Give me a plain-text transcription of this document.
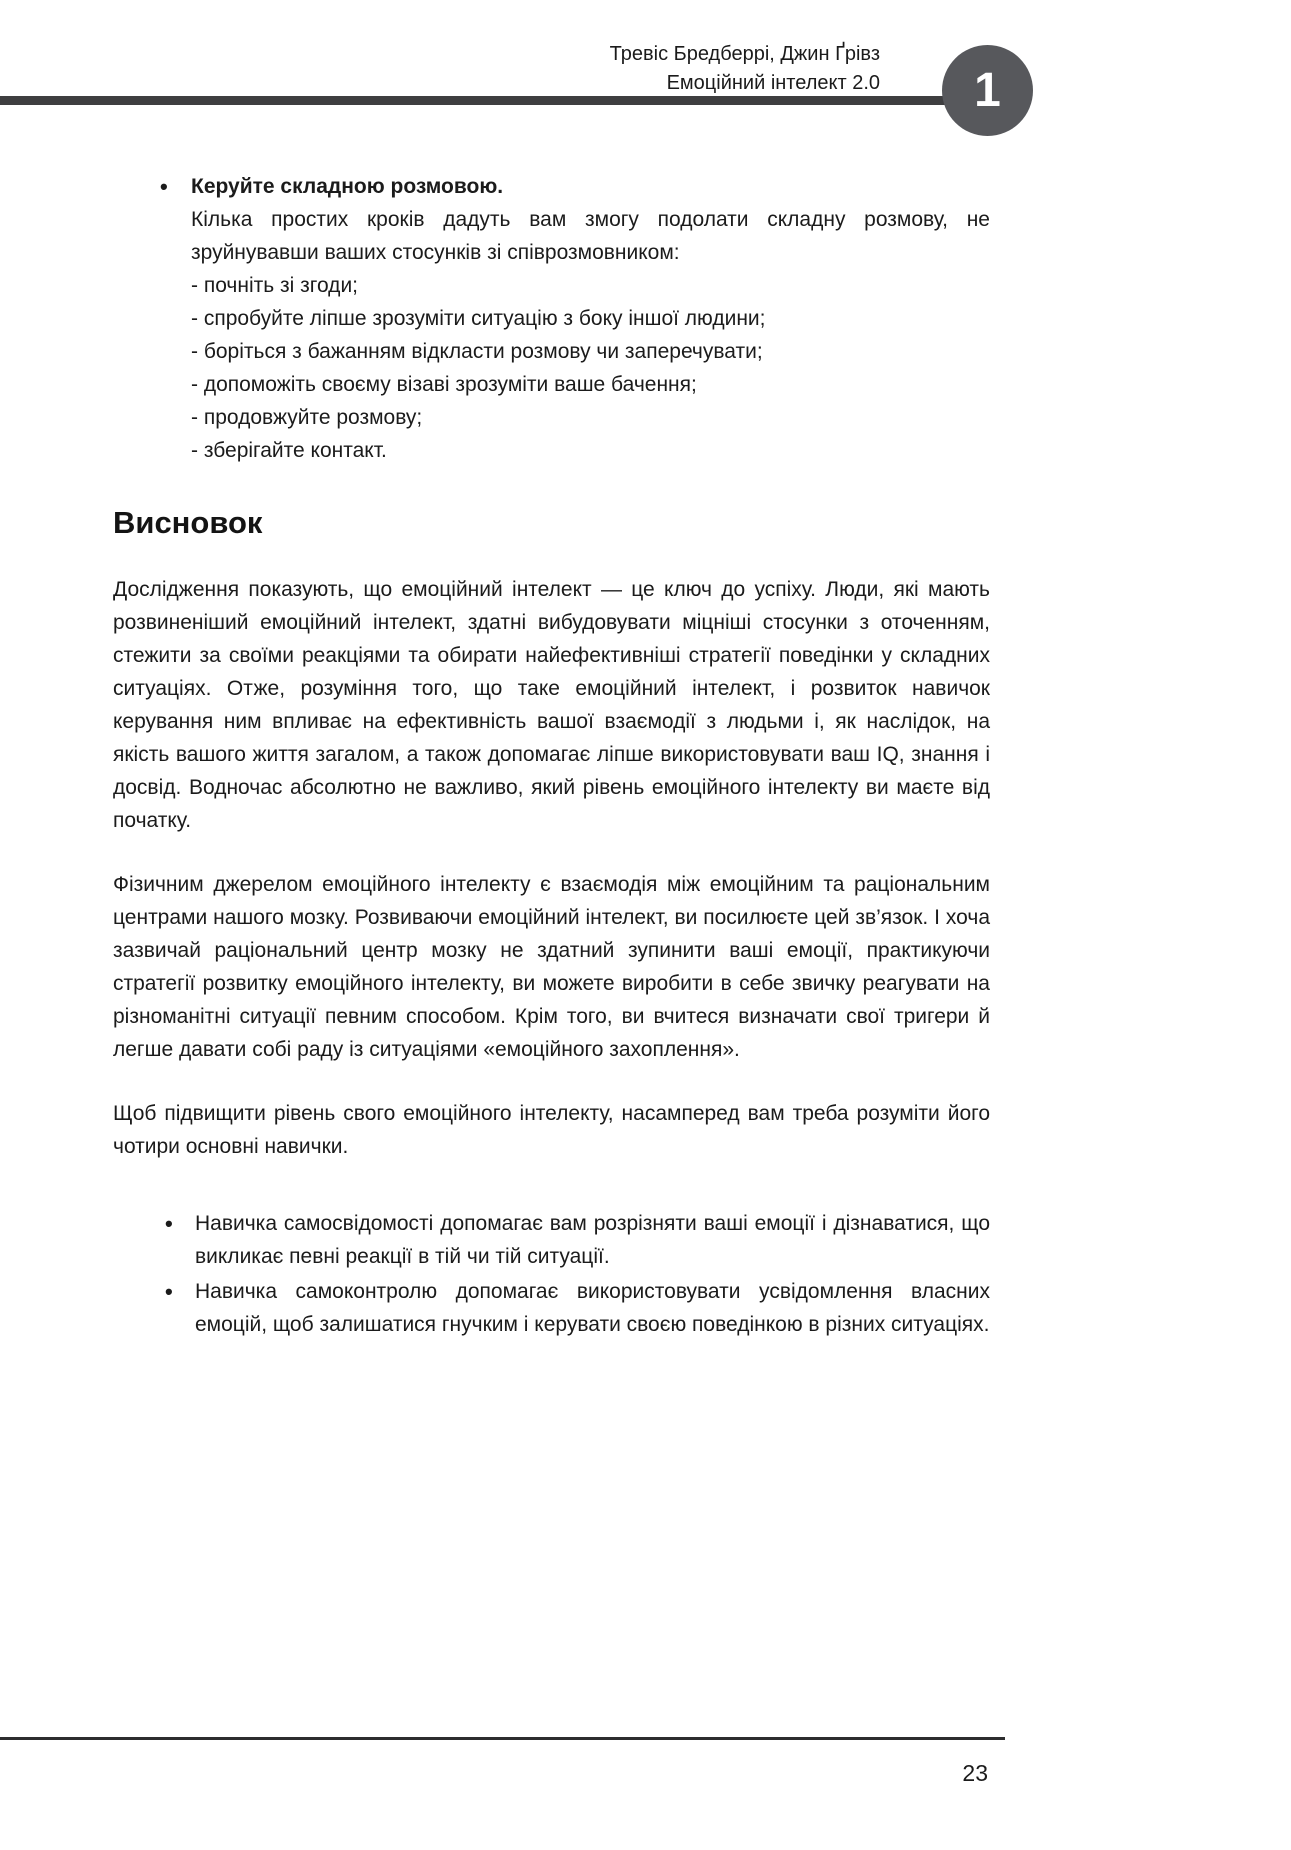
Тревіс Бредберрі, Джин Ґрівз
Емоційний інтелект 2.0 1
• Керуйте складною розмовою.

Кілька простих кроків дадуть вам змогу подолати складну розмову, не зруйнувавши ваших стосунків зі співрозмовником:

- почніть зі згоди;
- спробуйте ліпше зрозуміти ситуацію з боку іншої людини;
- боріться з бажанням відкласти розмову чи заперечувати;
- допоможіть своєму візаві зрозуміти ваше бачення;
- продовжуйте розмову;
- зберігайте контакт.
Висновок

Дослідження показують, що емоційний інтелект — це ключ до успіху. Люди, які мають розвиненіший емоційний інтелект, здатні вибудовувати міцніші стосунки з оточенням, стежити за своїми реакціями та обирати найефективніші стратегії поведінки у складних ситуаціях. Отже, розуміння того, що таке емоційний інтелект, і розвиток навичок керування ним впливає на ефективність вашої взаємодії з людьми і, як наслідок, на якість вашого життя загалом, а також допомагає ліпше використовувати ваш IQ, знання і досвід. Водночас абсолютно не важливо, який рівень емоційного інтелекту ви маєте від початку.

Фізичним джерелом емоційного інтелекту є взаємодія між емоційним та раціональним центрами нашого мозку. Розвиваючи емоційний інтелект, ви посилюєте цей зв’язок. І хоча зазвичай раціональний центр мозку не здатний зупинити ваші емоції, практикуючи стратегії розвитку емоційного інтелекту, ви можете виробити в себе звичку реагувати на різноманітні ситуації певним способом. Крім того, ви вчитеся визначати свої тригери й легше давати собі раду із ситуаціями «емоційного захоплення».

Щоб підвищити рівень свого емоційного інтелекту, насамперед вам треба розуміти його чотири основні навички.

• Навичка самосвідомості допомагає вам розрізняти ваші емоції і дізнаватися, що викликає певні реакції в тій чи тій ситуації.

• Навичка самоконтролю допомагає використовувати усвідомлення власних емоцій, щоб залишатися гнучким і керувати своєю поведінкою в різних ситуаціях.

23
